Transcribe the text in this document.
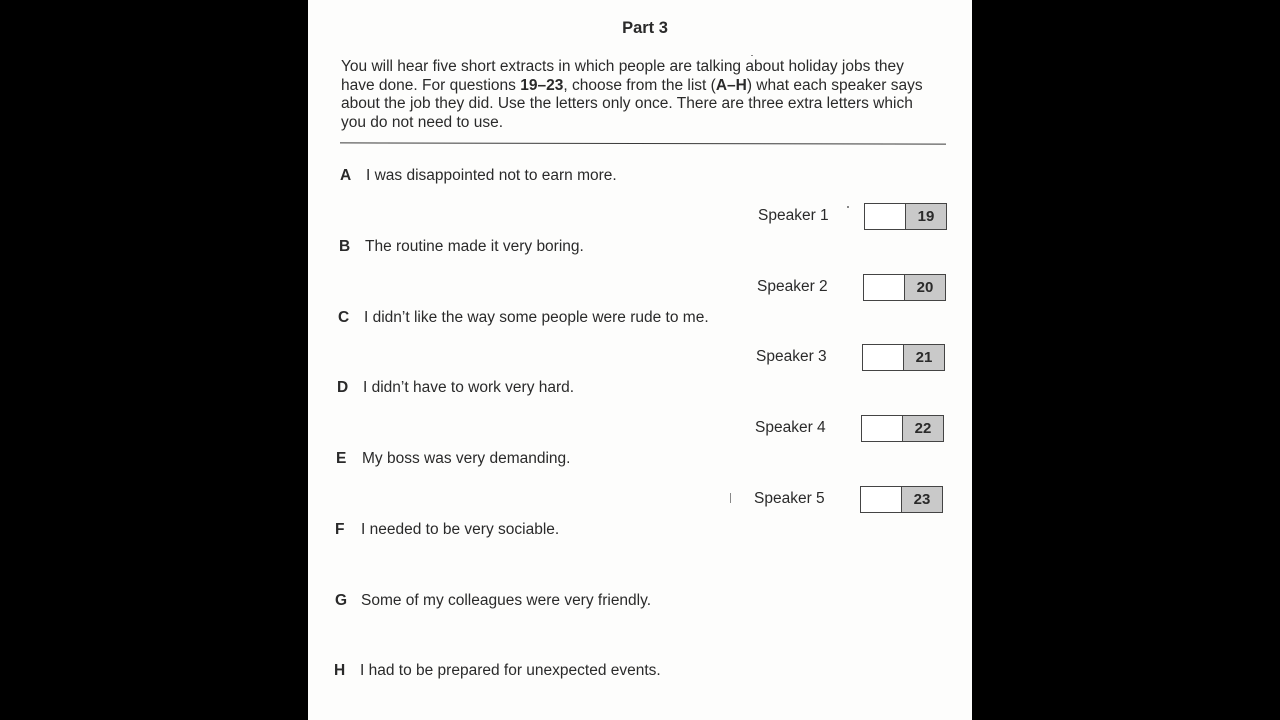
Part 3
You will hear five short extracts in which people are talking about holiday jobs they
have done. For questions 19–23, choose from the list (A–H) what each speaker says
about the job they did. Use the letters only once. There are three extra letters which
you do not need to use.
A I was disappointed not to earn more.
B The routine made it very boring.
C I didn’t like the way some people were rude to me.
D I didn’t have to work very hard.
E My boss was very demanding.
F I needed to be very sociable.
G Some of my colleagues were very friendly.
H I had to be prepared for unexpected events.
Speaker 1	19
Speaker 2	20
Speaker 3	21
Speaker 4	22
Speaker 5	23
